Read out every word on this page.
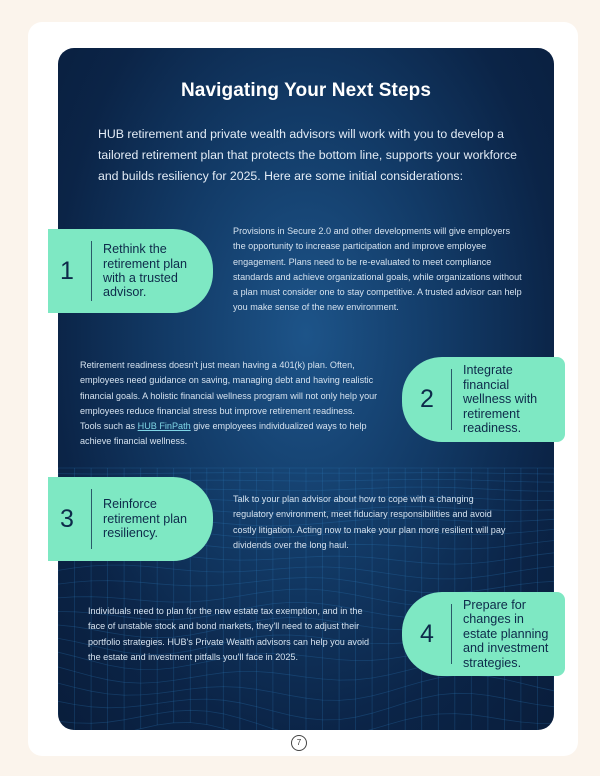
Navigating Your Next Steps
HUB retirement and private wealth advisors will work with you to develop a tailored retirement plan that protects the bottom line, supports your workforce and builds resiliency for 2025. Here are some initial considerations:
1
Rethink the retirement plan with a trusted advisor.
Provisions in Secure 2.0 and other developments will give employers the opportunity to increase participation and improve employee engagement. Plans need to be re-evaluated to meet compliance standards and achieve organizational goals, while organizations without a plan must consider one to stay competitive. A trusted advisor can help you make sense of the new environment.
Retirement readiness doesn't just mean having a 401(k) plan. Often, employees need guidance on saving, managing debt and having realistic financial goals. A holistic financial wellness program will not only help your employees reduce financial stress but improve retirement readiness. Tools such as HUB FinPath give employees individualized ways to help achieve financial wellness.
2
Integrate financial wellness with retirement readiness.
3
Reinforce retirement plan resiliency.
Talk to your plan advisor about how to cope with a changing regulatory environment, meet fiduciary responsibilities and avoid costly litigation. Acting now to make your plan more resilient will pay dividends over the long haul.
Individuals need to plan for the new estate tax exemption, and in the face of unstable stock and bond markets, they'll need to adjust their portfolio strategies. HUB's Private Wealth advisors can help you avoid the estate and investment pitfalls you'll face in 2025.
4
Prepare for changes in estate planning and investment strategies.
7
